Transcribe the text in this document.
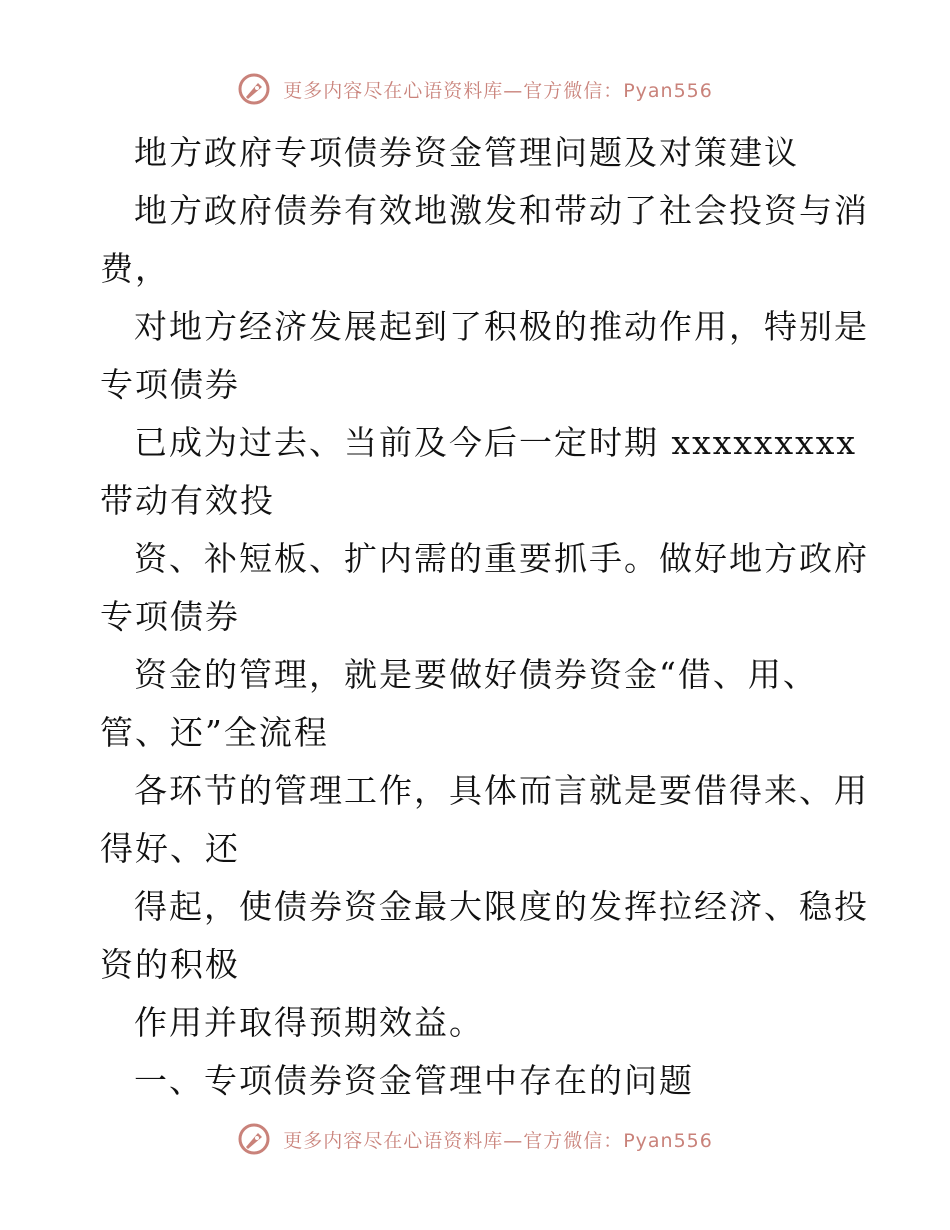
更多内容尽在心语资料库—官方微信：Pyan556
地方政府专项债券资金管理问题及对策建议
地方政府债券有效地激发和带动了社会投资与消
费，
对地方经济发展起到了积极的推动作用，特别是
专项债券
已成为过去、当前及今后一定时期 xxxxxxxxx
带动有效投
资、补短板、扩内需的重要抓手。做好地方政府
专项债券
资金的管理，就是要做好债券资金“借、用、
管、还”全流程
各环节的管理工作，具体而言就是要借得来、用
得好、还
得起，使债券资金最大限度的发挥拉经济、稳投
资的积极
作用并取得预期效益。
一、专项债券资金管理中存在的问题
更多内容尽在心语资料库—官方微信：Pyan556
